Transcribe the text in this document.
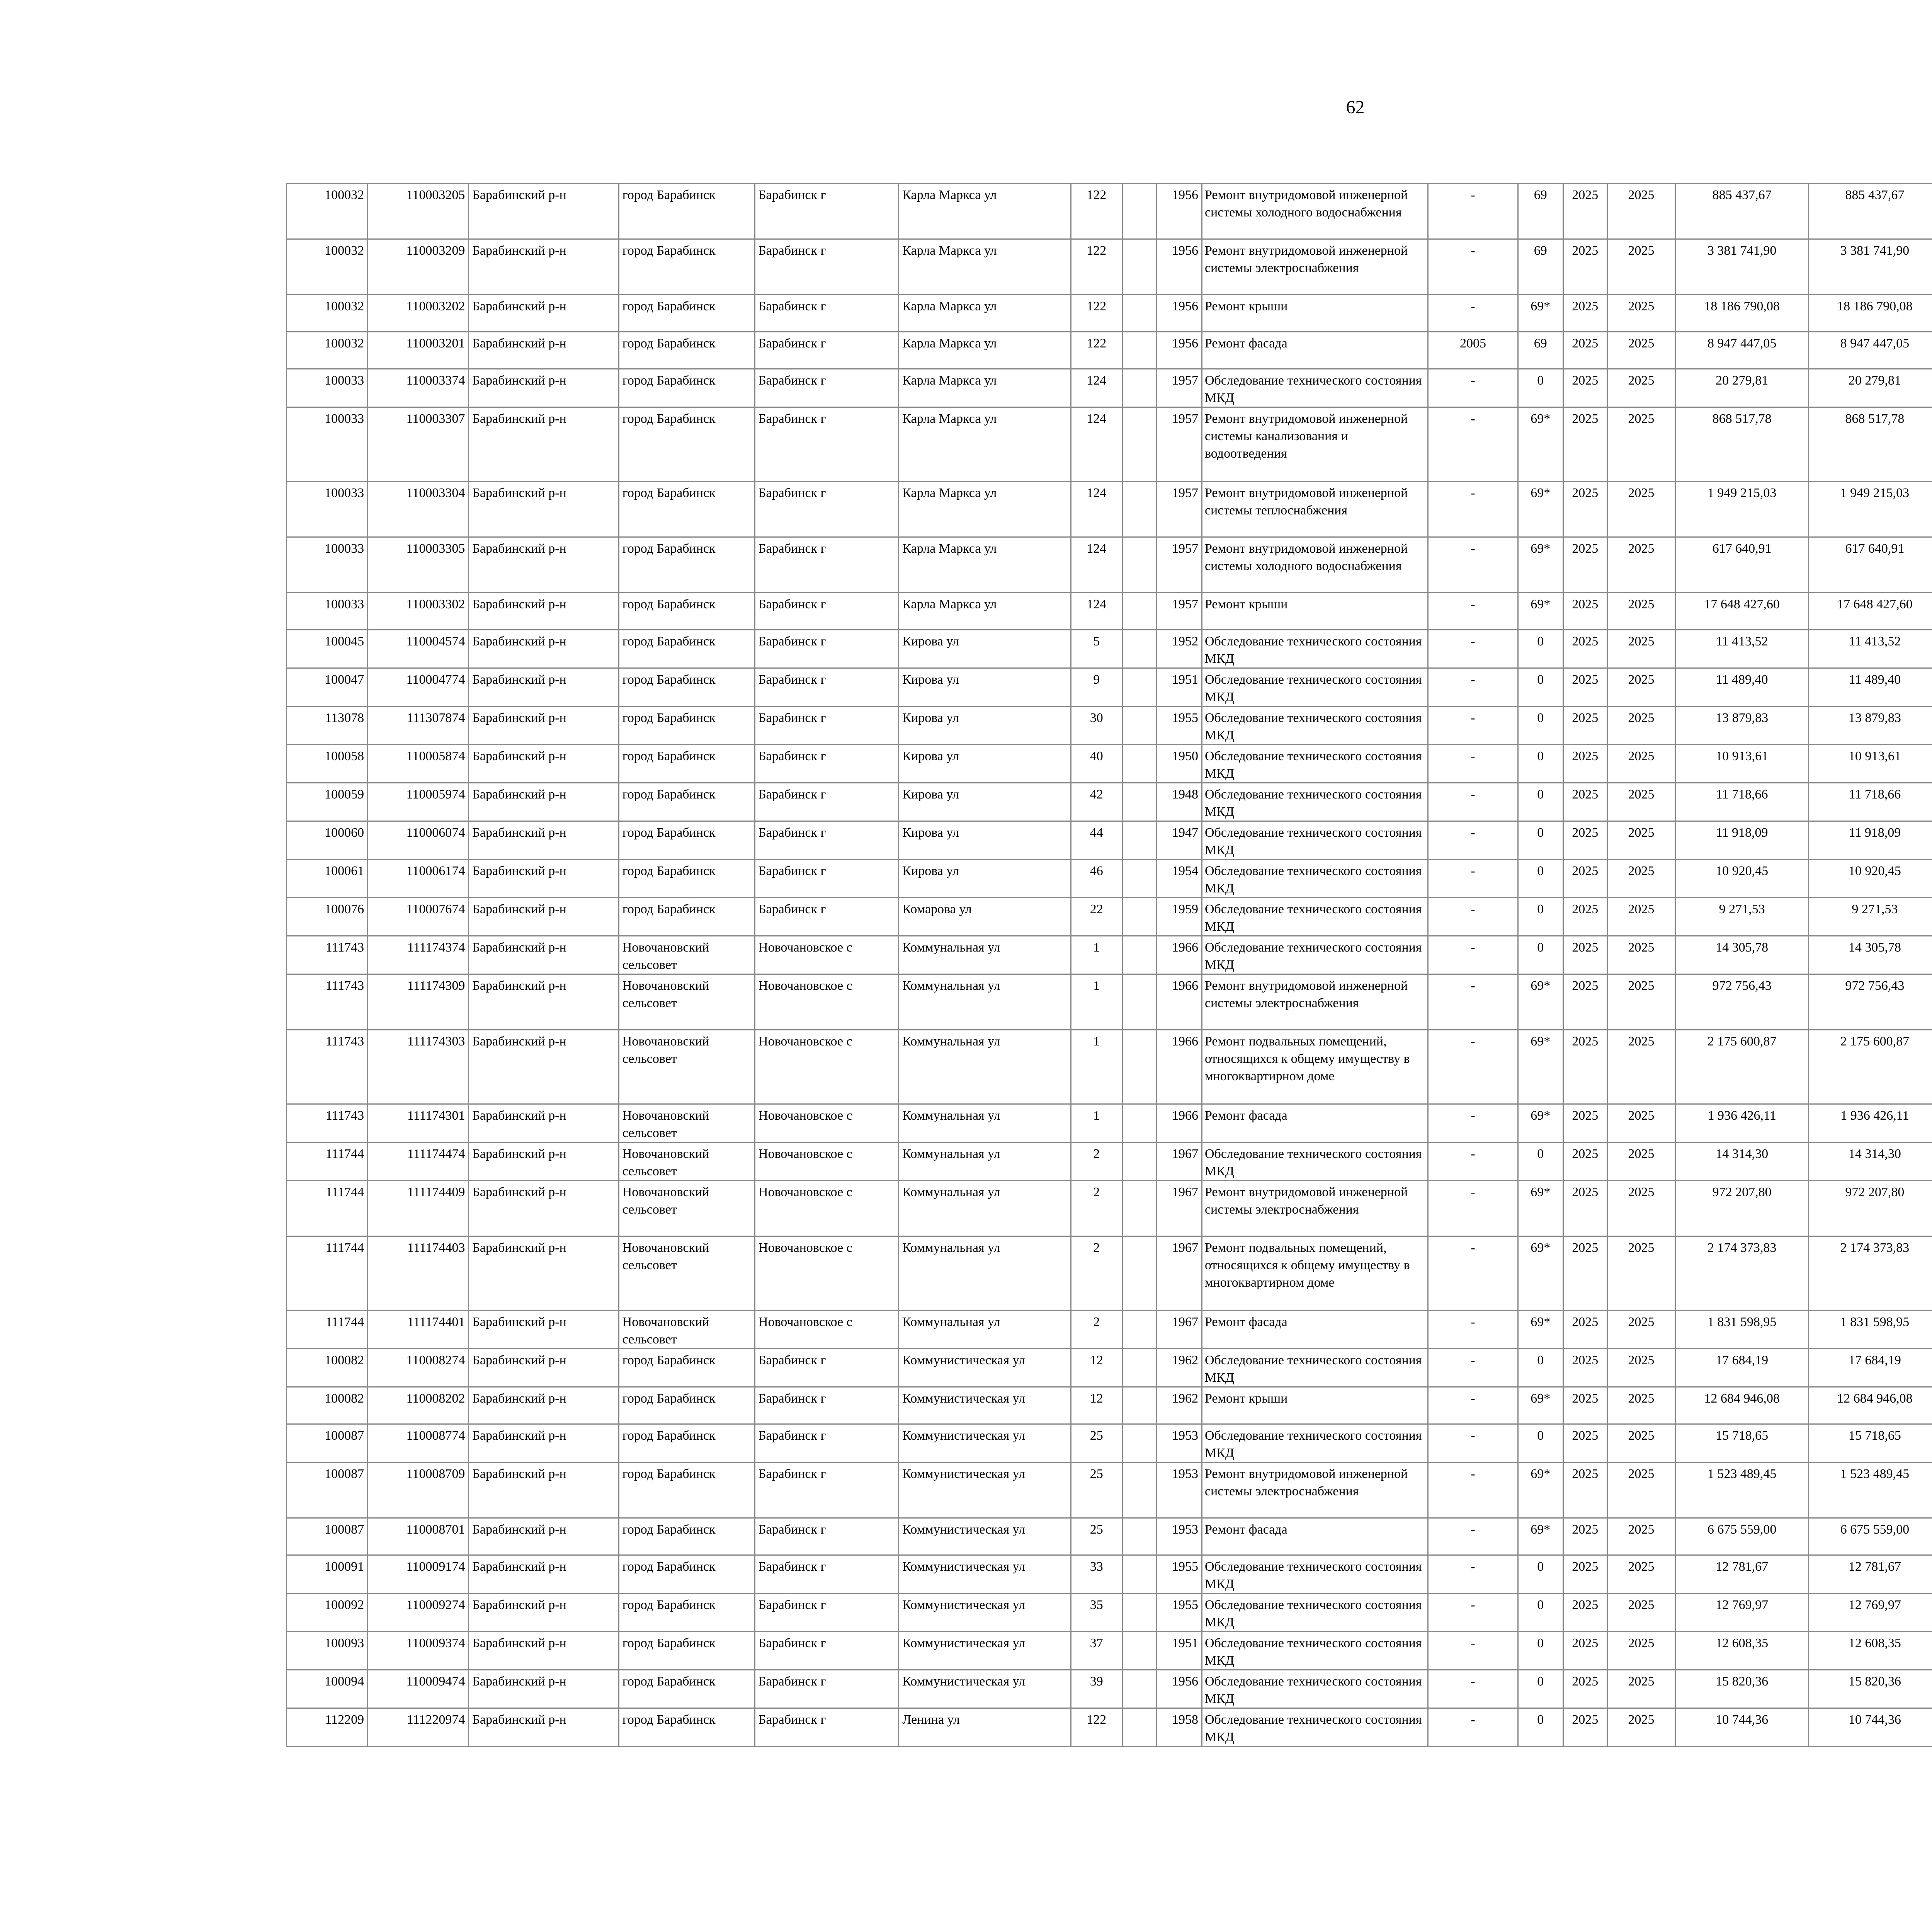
62
100032	110003205	Барабинский р-н	город Барабинск	Барабинск г	Карла Маркса ул	122		1956	Ремонт внутридомовой инженерной системы холодного водоснабжения	-	69	2025	2025	885 437,67	885 437,67						
100032	110003209	Барабинский р-н	город Барабинск	Барабинск г	Карла Маркса ул	122		1956	Ремонт внутридомовой инженерной системы электроснабжения	-	69	2025	2025	3 381 741,90	3 381 741,90						
100032	110003202	Барабинский р-н	город Барабинск	Барабинск г	Карла Маркса ул	122		1956	Ремонт крыши	-	69*	2025	2025	18 186 790,08	18 186 790,08						
100032	110003201	Барабинский р-н	город Барабинск	Барабинск г	Карла Маркса ул	122		1956	Ремонт фасада	2005	69	2025	2025	8 947 447,05	8 947 447,05						
100033	110003374	Барабинский р-н	город Барабинск	Барабинск г	Карла Маркса ул	124		1957	Обследование технического состояния МКД	-	0	2025	2025	20 279,81	20 279,81						
100033	110003307	Барабинский р-н	город Барабинск	Барабинск г	Карла Маркса ул	124		1957	Ремонт внутридомовой инженерной системы канализования и водоотведения	-	69*	2025	2025	868 517,78	868 517,78						
100033	110003304	Барабинский р-н	город Барабинск	Барабинск г	Карла Маркса ул	124		1957	Ремонт внутридомовой инженерной системы теплоснабжения	-	69*	2025	2025	1 949 215,03	1 949 215,03						
100033	110003305	Барабинский р-н	город Барабинск	Барабинск г	Карла Маркса ул	124		1957	Ремонт внутридомовой инженерной системы холодного водоснабжения	-	69*	2025	2025	617 640,91	617 640,91						
100033	110003302	Барабинский р-н	город Барабинск	Барабинск г	Карла Маркса ул	124		1957	Ремонт крыши	-	69*	2025	2025	17 648 427,60	17 648 427,60						
100045	110004574	Барабинский р-н	город Барабинск	Барабинск г	Кирова ул	5		1952	Обследование технического состояния МКД	-	0	2025	2025	11 413,52	11 413,52						
100047	110004774	Барабинский р-н	город Барабинск	Барабинск г	Кирова ул	9		1951	Обследование технического состояния МКД	-	0	2025	2025	11 489,40	11 489,40						
113078	111307874	Барабинский р-н	город Барабинск	Барабинск г	Кирова ул	30		1955	Обследование технического состояния МКД	-	0	2025	2025	13 879,83	13 879,83						
100058	110005874	Барабинский р-н	город Барабинск	Барабинск г	Кирова ул	40		1950	Обследование технического состояния МКД	-	0	2025	2025	10 913,61	10 913,61						
100059	110005974	Барабинский р-н	город Барабинск	Барабинск г	Кирова ул	42		1948	Обследование технического состояния МКД	-	0	2025	2025	11 718,66	11 718,66						
100060	110006074	Барабинский р-н	город Барабинск	Барабинск г	Кирова ул	44		1947	Обследование технического состояния МКД	-	0	2025	2025	11 918,09	11 918,09						
100061	110006174	Барабинский р-н	город Барабинск	Барабинск г	Кирова ул	46		1954	Обследование технического состояния МКД	-	0	2025	2025	10 920,45	10 920,45						
100076	110007674	Барабинский р-н	город Барабинск	Барабинск г	Комарова ул	22		1959	Обследование технического состояния МКД	-	0	2025	2025	9 271,53	9 271,53						
111743	111174374	Барабинский р-н	Новочановский сельсовет	Новочановское с	Коммунальная ул	1		1966	Обследование технического состояния МКД	-	0	2025	2025	14 305,78	14 305,78						
111743	111174309	Барабинский р-н	Новочановский сельсовет	Новочановское с	Коммунальная ул	1		1966	Ремонт внутридомовой инженерной системы электроснабжения	-	69*	2025	2025	972 756,43	972 756,43						
111743	111174303	Барабинский р-н	Новочановский сельсовет	Новочановское с	Коммунальная ул	1		1966	Ремонт подвальных помещений, относящихся к общему имуществу в многоквартирном доме	-	69*	2025	2025	2 175 600,87	2 175 600,87						
111743	111174301	Барабинский р-н	Новочановский сельсовет	Новочановское с	Коммунальная ул	1		1966	Ремонт фасада	-	69*	2025	2025	1 936 426,11	1 936 426,11						
111744	111174474	Барабинский р-н	Новочановский сельсовет	Новочановское с	Коммунальная ул	2		1967	Обследование технического состояния МКД	-	0	2025	2025	14 314,30	14 314,30						
111744	111174409	Барабинский р-н	Новочановский сельсовет	Новочановское с	Коммунальная ул	2		1967	Ремонт внутридомовой инженерной системы электроснабжения	-	69*	2025	2025	972 207,80	972 207,80						
111744	111174403	Барабинский р-н	Новочановский сельсовет	Новочановское с	Коммунальная ул	2		1967	Ремонт подвальных помещений, относящихся к общему имуществу в многоквартирном доме	-	69*	2025	2025	2 174 373,83	2 174 373,83						
111744	111174401	Барабинский р-н	Новочановский сельсовет	Новочановское с	Коммунальная ул	2		1967	Ремонт фасада	-	69*	2025	2025	1 831 598,95	1 831 598,95						
100082	110008274	Барабинский р-н	город Барабинск	Барабинск г	Коммунистическая ул	12		1962	Обследование технического состояния МКД	-	0	2025	2025	17 684,19	17 684,19						
100082	110008202	Барабинский р-н	город Барабинск	Барабинск г	Коммунистическая ул	12		1962	Ремонт крыши	-	69*	2025	2025	12 684 946,08	12 684 946,08						
100087	110008774	Барабинский р-н	город Барабинск	Барабинск г	Коммунистическая ул	25		1953	Обследование технического состояния МКД	-	0	2025	2025	15 718,65	15 718,65						
100087	110008709	Барабинский р-н	город Барабинск	Барабинск г	Коммунистическая ул	25		1953	Ремонт внутридомовой инженерной системы электроснабжения	-	69*	2025	2025	1 523 489,45	1 523 489,45						
100087	110008701	Барабинский р-н	город Барабинск	Барабинск г	Коммунистическая ул	25		1953	Ремонт фасада	-	69*	2025	2025	6 675 559,00	6 675 559,00						
100091	110009174	Барабинский р-н	город Барабинск	Барабинск г	Коммунистическая ул	33		1955	Обследование технического состояния МКД	-	0	2025	2025	12 781,67	12 781,67						
100092	110009274	Барабинский р-н	город Барабинск	Барабинск г	Коммунистическая ул	35		1955	Обследование технического состояния МКД	-	0	2025	2025	12 769,97	12 769,97						
100093	110009374	Барабинский р-н	город Барабинск	Барабинск г	Коммунистическая ул	37		1951	Обследование технического состояния МКД	-	0	2025	2025	12 608,35	12 608,35						
100094	110009474	Барабинский р-н	город Барабинск	Барабинск г	Коммунистическая ул	39		1956	Обследование технического состояния МКД	-	0	2025	2025	15 820,36	15 820,36						
112209	111220974	Барабинский р-н	город Барабинск	Барабинск г	Ленина ул	122		1958	Обследование технического состояния МКД	-	0	2025	2025	10 744,36	10 744,36						
